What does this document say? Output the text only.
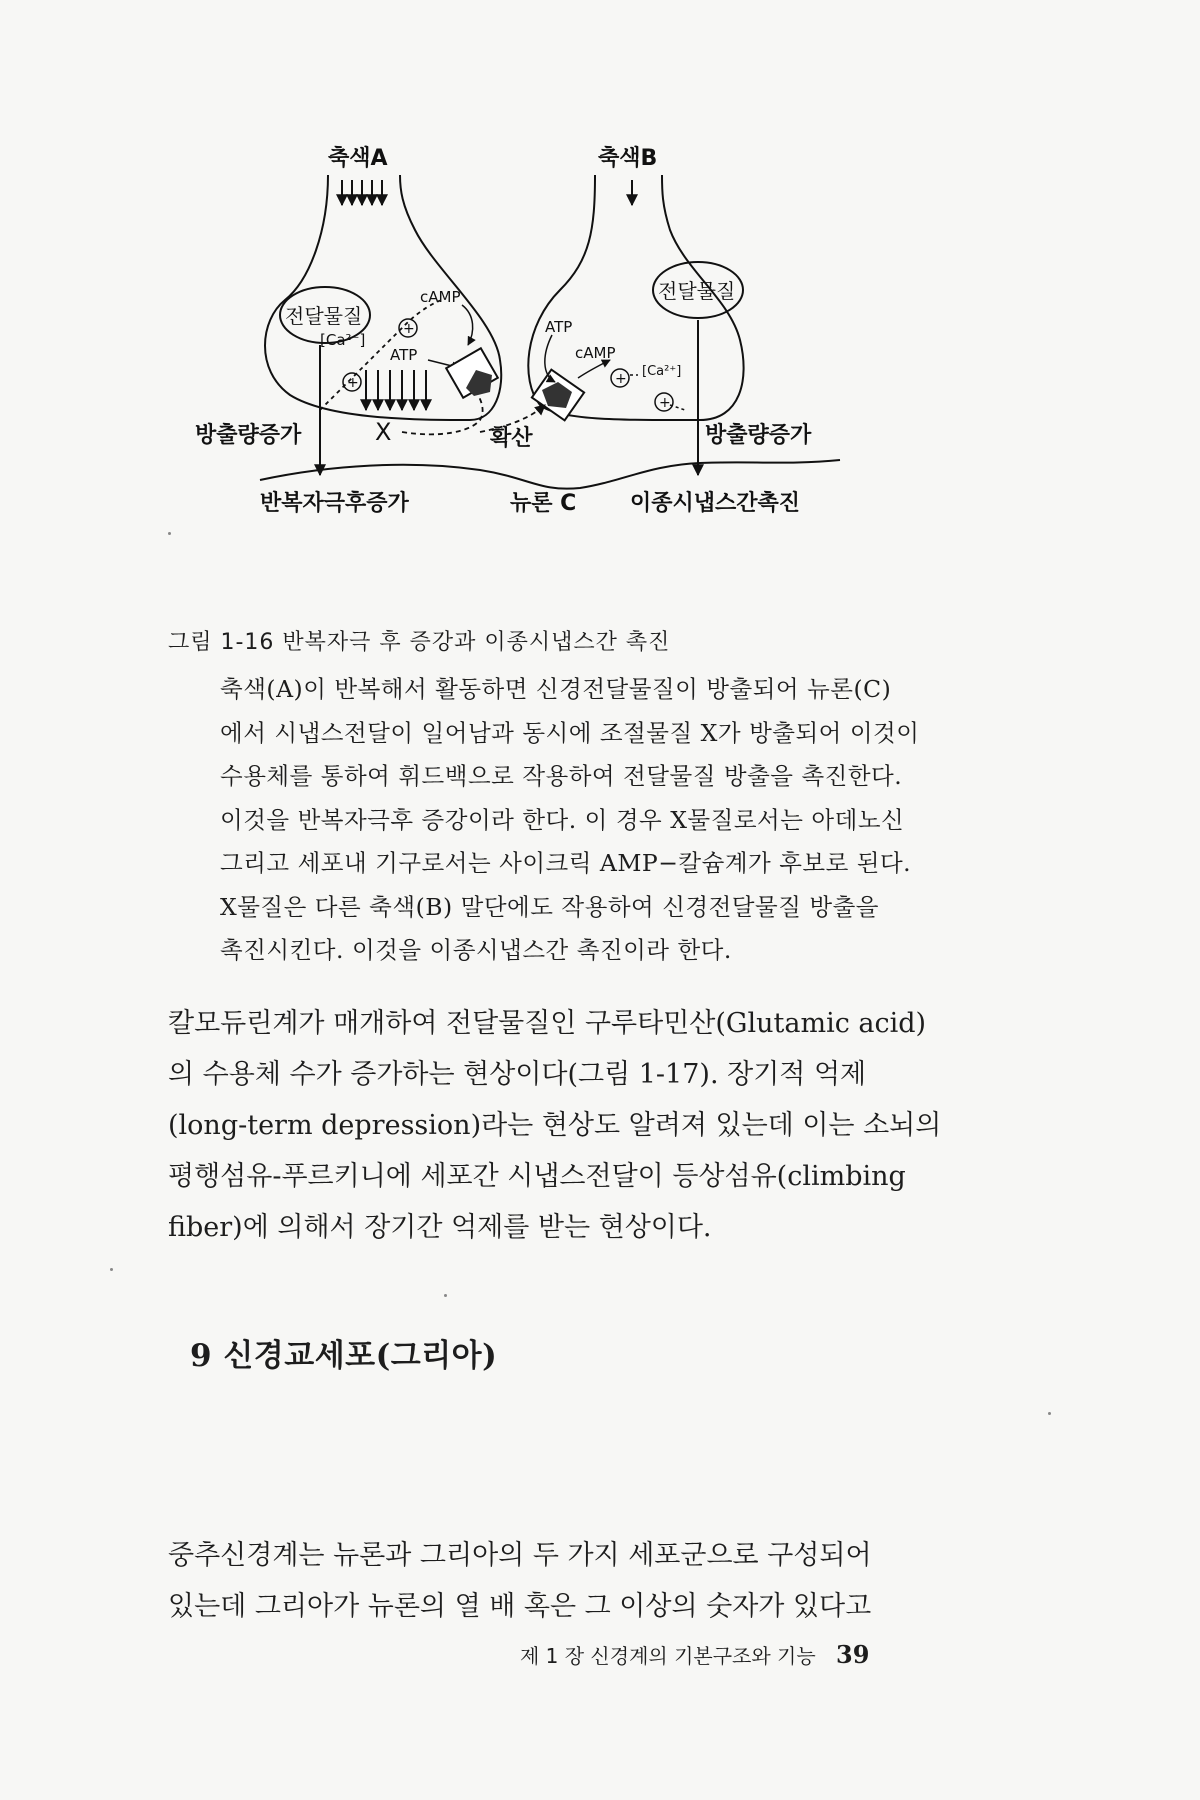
축색A	축색B
전달물질
전달물질
cAMP
[Ca²⁻]
ATP
+
+
ATP
cAMP
[Ca²⁺]
+
+
X	확산
방출량증가	방출량증가
반복자극후증가	뉴론 C 이종시냅스간촉진
그림 1-16 반복자극 후 증강과 이종시냅스간 촉진
축색(A)이 반복해서 활동하면 신경전달물질이 방출되어 뉴론(C)
에서 시냅스전달이 일어남과 동시에 조절물질 X가 방출되어 이것이
수용체를 통하여 휘드백으로 작용하여 전달물질 방출을 촉진한다.
이것을 반복자극후 증강이라 한다. 이 경우 X물질로서는 아데노신
그리고 세포내 기구로서는 사이크릭 AMP−칼슘계가 후보로 된다.
X물질은 다른 축색(B) 말단에도 작용하여 신경전달물질 방출을
촉진시킨다. 이것을 이종시냅스간 촉진이라 한다.
칼모듀린계가 매개하여 전달물질인 구루타민산(Glutamic acid)
의 수용체 수가 증가하는 현상이다(그림 1-17). 장기적 억제
(long-term depression)라는 현상도 알려져 있는데 이는 소뇌의
평행섬유-푸르키니에 세포간 시냅스전달이 등상섬유(climbing
fiber)에 의해서 장기간 억제를 받는 현상이다.
9 신경교세포(그리아)
중추신경계는 뉴론과 그리아의 두 가지 세포군으로 구성되어
있는데 그리아가 뉴론의 열 배 혹은 그 이상의 숫자가 있다고
제 1 장 신경계의 기본구조와 기능 39
